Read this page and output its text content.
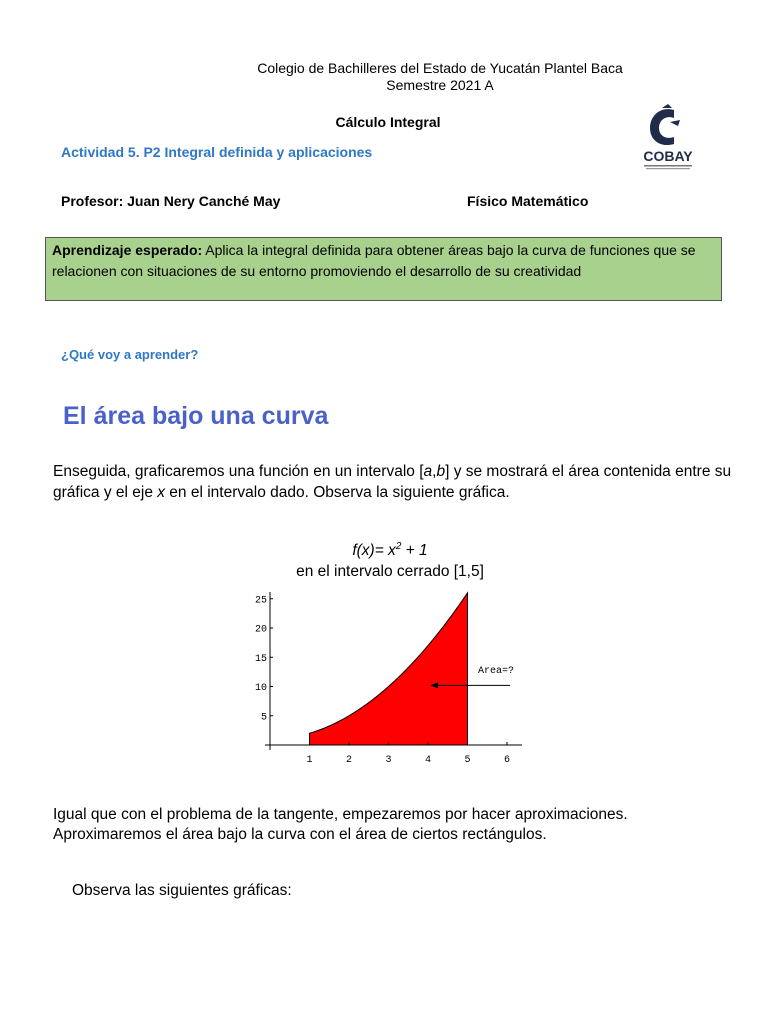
Colegio de Bachilleres del Estado de Yucatán Plantel Baca
Semestre 2021 A
Cálculo Integral
Actividad 5. P2 Integral definida y aplicaciones	COBAY
Profesor: Juan Nery Canché May	Físico Matemático
Aprendizaje esperado: Aplica la integral definida para obtener áreas bajo la curva de funciones que se relacionen con situaciones de su entorno promoviendo el desarrollo de su creatividad
¿Qué voy a aprender?
El área bajo una curva
Enseguida, graficaremos una función en un intervalo [a,b] y se mostrará el área contenida entre su gráfica y el eje x en el intervalo dado. Observa la siguiente gráfica.
$f(x)= x^2 + 1$
en el intervalo cerrado [1,5]
1	2	3	4	5	6
5
10
15
20
25
Area=?
Igual que con el problema de la tangente, empezaremos por hacer aproximaciones. Aproximaremos el área bajo la curva con el área de ciertos rectángulos.
Observa las siguientes gráficas:
